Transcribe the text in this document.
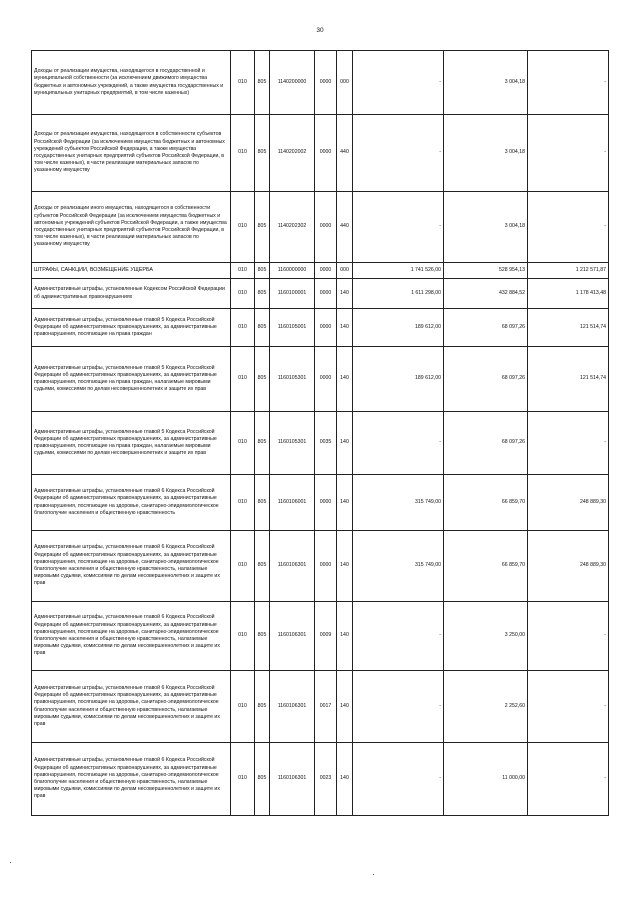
30
Доходы от реализации имущества, находящегося в государственной и муниципальной собственности (за исключением движимого имущества бюджетных и автономных учреждений, а также имущества государственных и муниципальных унитарных предприятий, в том числе казенных)	010	805	1140200000	0000	000	-	3 004,18	-
Доходы от реализации имущества, находящегося в собственности субъектов Российской Федерации (за исключением имущества бюджетных и автономных учреждений субъектов Российской Федерации, а также имущества государственных унитарных предприятий субъектов Российской Федерации, в том числе казенных), в части реализации материальных запасов по указанному имуществу	010	805	1140202002	0000	440	-	3 004,18	-
Доходы от реализации иного имущества, находящегося в собственности субъектов Российской Федерации (за исключением имущества бюджетных и автономных учреждений субъектов Российской Федерации, а также имущества государственных унитарных предприятий субъектов Российской Федерации, в том числе казенных), в части реализации материальных запасов по указанному имуществу	010	805	1140202302	0000	440	-	3 004,18	-
ШТРАФЫ, САНКЦИИ, ВОЗМЕЩЕНИЕ УЩЕРБА	010	805	1160000000	0000	000	1 741 526,00	528 954,13	1 212 571,87
Административные штрафы, установленные Кодексом Российской Федерации об административных правонарушениях	010	805	1160100001	0000	140	1 611 298,00	432 884,52	1 178 413,48
Административные штрафы, установленные главой 5 Кодекса Российской Федерации об административных правонарушениях, за административные правонарушения, посягающие на права граждан	010	805	1160105001	0000	140	189 612,00	68 097,26	121 514,74
Административные штрафы, установленные главой 5 Кодекса Российской Федерации об административных правонарушениях, за административные правонарушения, посягающие на права граждан, налагаемые мировыми судьями, комиссиями по делам несовершеннолетних и защите их прав	010	805	1160105301	0000	140	189 612,00	68 097,26	121 514,74
Административные штрафы, установленные главой 5 Кодекса Российской Федерации об административных правонарушениях, за административные правонарушения, посягающие на права граждан, налагаемые мировыми судьями, комиссиями по делам несовершеннолетних и защите их прав	010	805	1160105301	0035	140	-	68 097,26	-
Административные штрафы, установленные главой 6 Кодекса Российской Федерации об административных правонарушениях, за административные правонарушения, посягающие на здоровье, санитарно-эпидемиологическое благополучие населения и общественную нравственность	010	805	1160106001	0000	140	315 749,00	66 859,70	248 889,30
Административные штрафы, установленные главой 6 Кодекса Российской Федерации об административных правонарушениях, за административные правонарушения, посягающие на здоровье, санитарно-эпидемиологическое благополучие населения и общественную нравственность, налагаемые мировыми судьями, комиссиями по делам несовершеннолетних и защите их прав	010	805	1160106301	0000	140	315 749,00	66 859,70	248 889,30
Административные штрафы, установленные главой 6 Кодекса Российской Федерации об административных правонарушениях, за административные правонарушения, посягающие на здоровье, санитарно-эпидемиологическое благополучие населения и общественную нравственность, налагаемые мировыми судьями, комиссиями по делам несовершеннолетних и защите их прав	010	805	1160106301	0009	140	-	3 250,00	-
Административные штрафы, установленные главой 6 Кодекса Российской Федерации об административных правонарушениях, за административные правонарушения, посягающие на здоровье, санитарно-эпидемиологическое благополучие населения и общественную нравственность, налагаемые мировыми судьями, комиссиями по делам несовершеннолетних и защите их прав	010	805	1160106301	0017	140	-	2 252,60	-
Административные штрафы, установленные главой 6 Кодекса Российской Федерации об административных правонарушениях, за административные правонарушения, посягающие на здоровье, санитарно-эпидемиологическое благополучие населения и общественную нравственность, налагаемые мировыми судьями, комиссиями по делам несовершеннолетних и защите их прав	010	805	1160106301	0023	140	-	11 000,00	-
